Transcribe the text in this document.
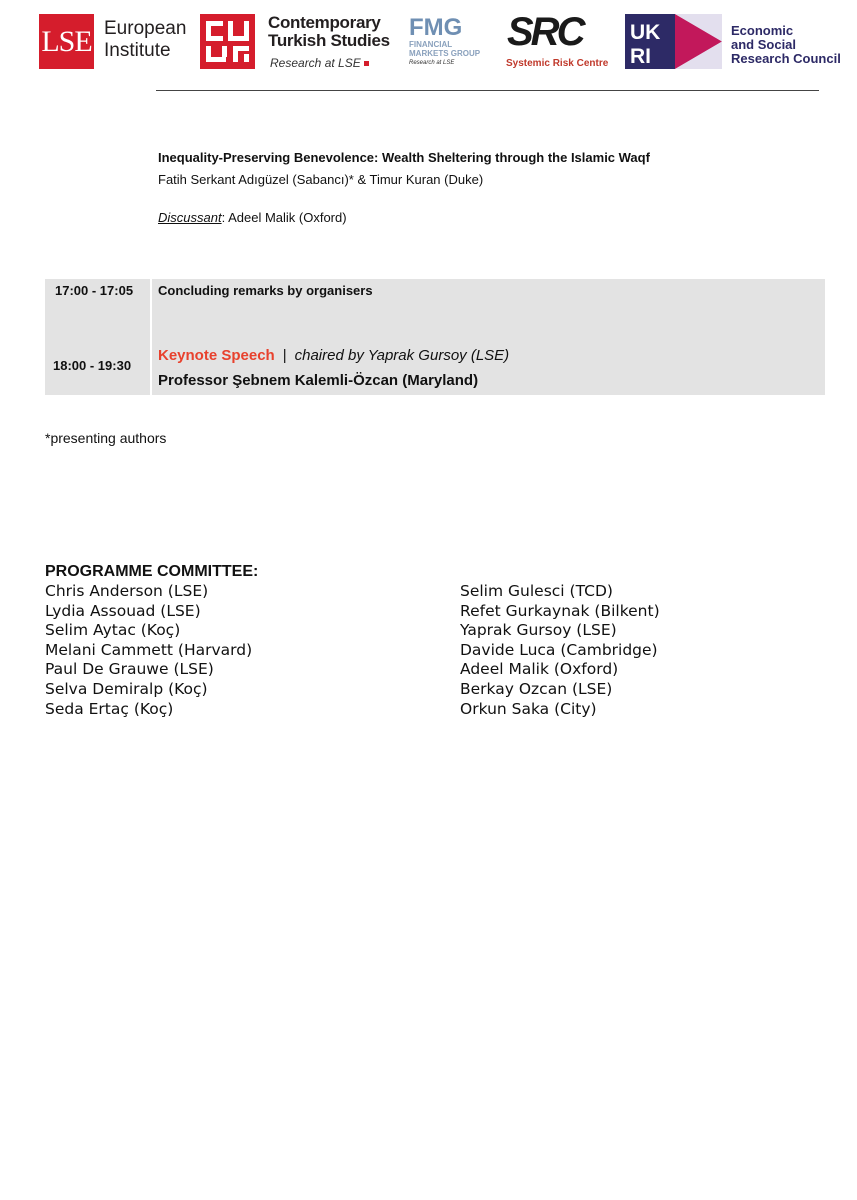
LSE European
Institute
Contemporary
Turkish Studies
Research at LSE
FMG
FINANCIAL
MARKETS GROUP
Research at LSE
SRC
Systemic Risk Centre
UK
RI
Economic
and Social
Research Council
Inequality-Preserving Benevolence: Wealth Sheltering through the Islamic Waqf
Fatih Serkant Adıgüzel (Sabancı)* & Timur Kuran (Duke)
Discussant: Adeel Malik (Oxford)
17:00 - 17:05 Concluding remarks by organisers
18:00 - 19:30
Keynote Speech | chaired by Yaprak Gursoy (LSE)
Professor Şebnem Kalemli-Özcan (Maryland)
*presenting authors
PROGRAMME COMMITTEE:
Chris Anderson (LSE)
Lydia Assouad (LSE)
Selim Aytac (Koç)
Melani Cammett (Harvard)
Paul De Grauwe (LSE)
Selva Demiralp (Koç)
Seda Ertaç (Koç)
Selim Gulesci (TCD)
Refet Gurkaynak (Bilkent)
Yaprak Gursoy (LSE)
Davide Luca (Cambridge)
Adeel Malik (Oxford)
Berkay Ozcan (LSE)
Orkun Saka (City)
